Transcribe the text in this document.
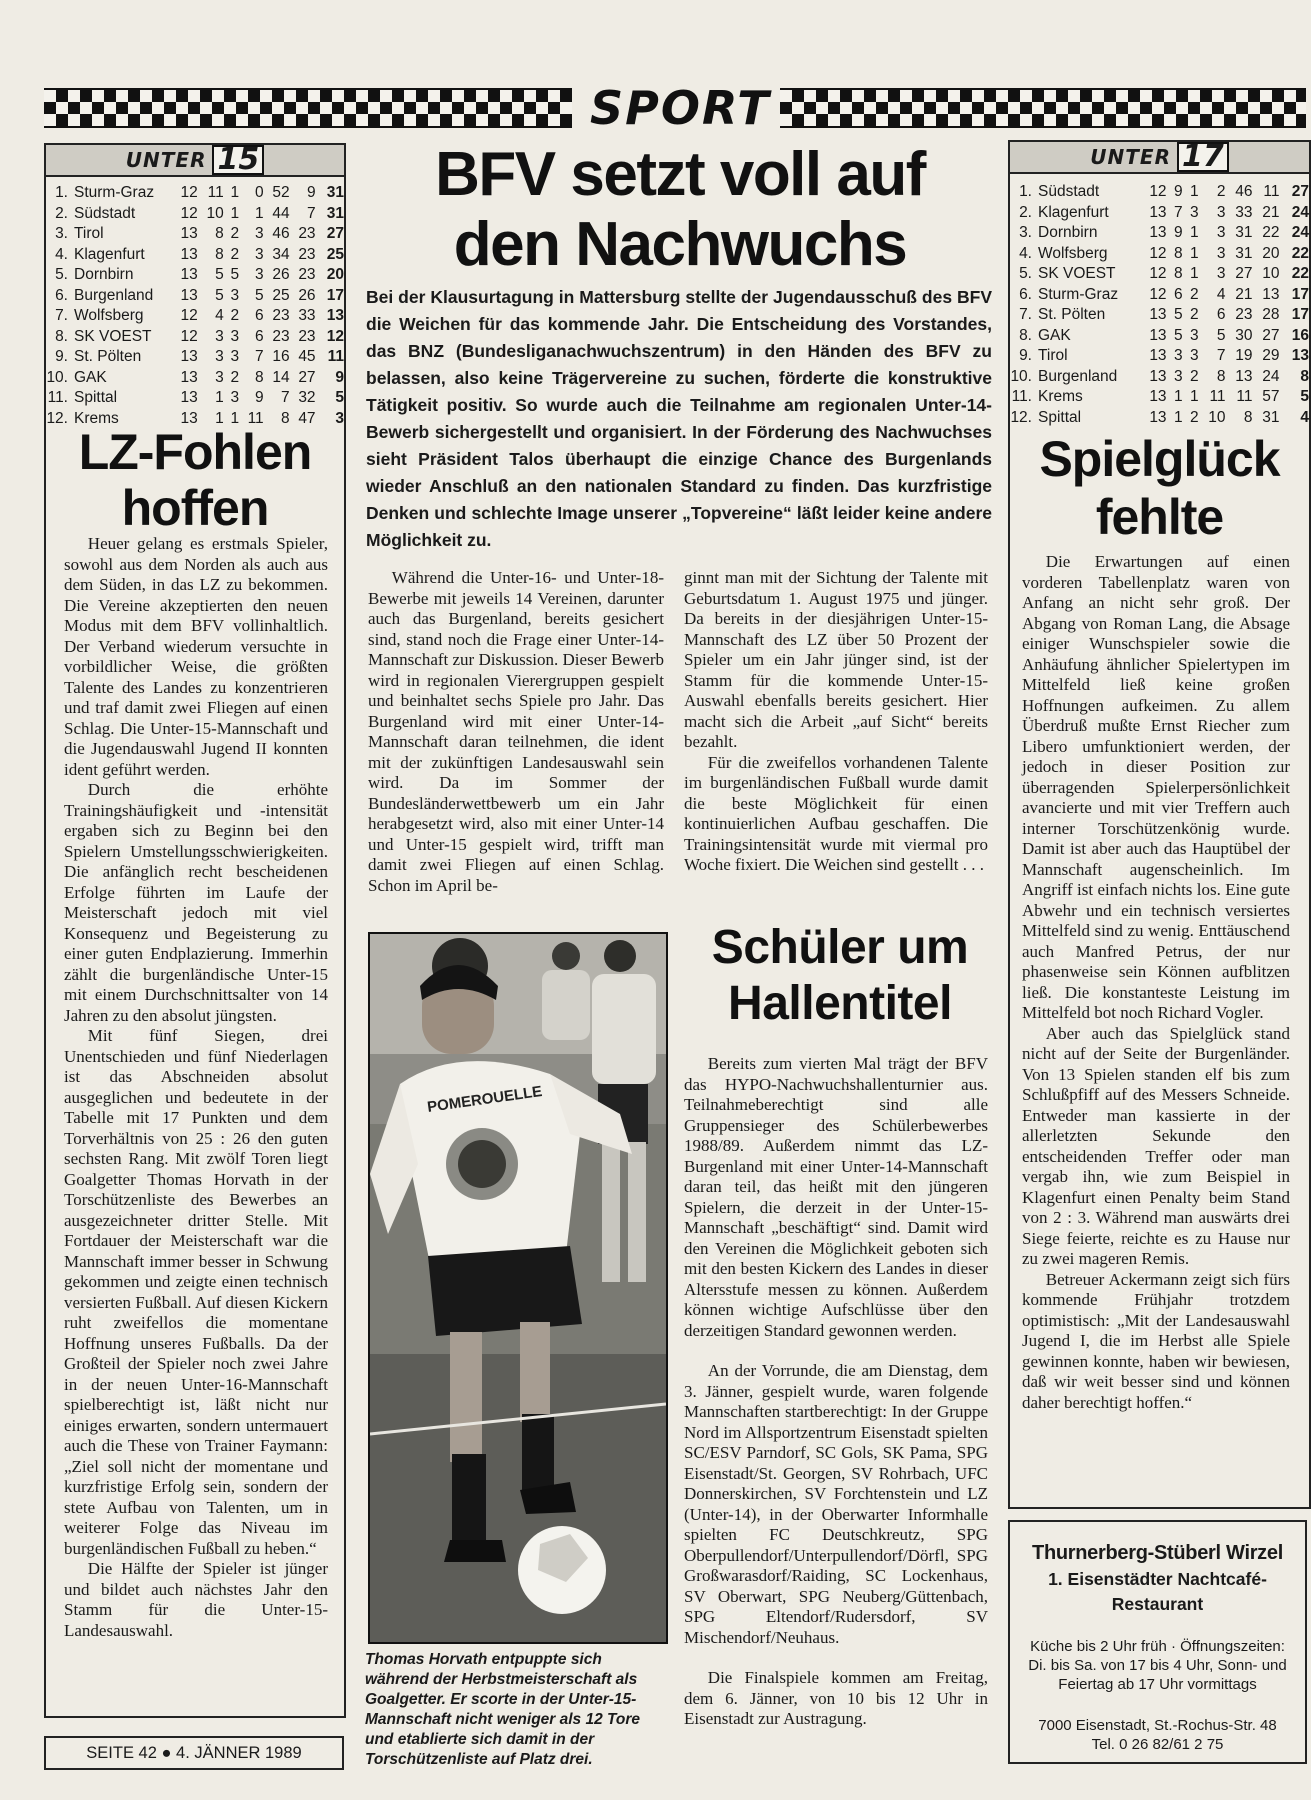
SPORT
UNTER 15
1.	Sturm-Graz	12	11	1	0	52	9	31
2.	Südstadt	12	10	1	1	44	7	31
3.	Tirol	13	8	2	3	46	23	27
4.	Klagenfurt	13	8	2	3	34	23	25
5.	Dornbirn	13	5	5	3	26	23	20
6.	Burgenland	13	5	3	5	25	26	17
7.	Wolfsberg	12	4	2	6	23	33	13
8.	SK VOEST	12	3	3	6	23	23	12
9.	St. Pölten	13	3	3	7	16	45	11
10.	GAK	13	3	2	8	14	27	9
11.	Spittal	13	1	3	9	7	32	5
12.	Krems	13	1	1	11	8	47	3
LZ-Fohlen
hoffen

Heuer gelang es erstmals Spieler, sowohl aus dem Norden als auch aus dem Süden, in das LZ zu bekommen. Die Vereine akzeptierten den neuen Modus mit dem BFV vollinhaltlich. Der Verband wiederum versuchte in vorbildlicher Weise, die größten Talente des Landes zu konzentrieren und traf damit zwei Fliegen auf einen Schlag. Die Unter-15-Mannschaft und die Jugendauswahl Jugend II konnten ident geführt werden.

Durch die erhöhte Trainingshäufigkeit und -intensität ergaben sich zu Beginn bei den Spielern Umstellungsschwierigkeiten. Die anfänglich recht bescheidenen Erfolge führten im Laufe der Meisterschaft jedoch mit viel Konsequenz und Begeisterung zu einer guten Endplazierung. Immerhin zählt die burgenländische Unter-15 mit einem Durchschnittsalter von 14 Jahren zu den absolut jüngsten.

Mit fünf Siegen, drei Unentschieden und fünf Niederlagen ist das Abschneiden absolut ausgeglichen und bedeutete in der Tabelle mit 17 Punkten und dem Torverhältnis von 25 : 26 den guten sechsten Rang. Mit zwölf Toren liegt Goalgetter Thomas Horvath in der Torschützenliste des Bewerbes an ausgezeichneter dritter Stelle. Mit Fortdauer der Meisterschaft war die Mannschaft immer besser in Schwung gekommen und zeigte einen technisch versierten Fußball. Auf diesen Kickern ruht zweifellos die momentane Hoffnung unseres Fußballs. Da der Großteil der Spieler noch zwei Jahre in der neuen Unter-16-Mannschaft spielberechtigt ist, läßt nicht nur einiges erwarten, sondern untermauert auch die These von Trainer Faymann: „Ziel soll nicht der momentane und kurzfristige Erfolg sein, sondern der stete Aufbau von Talenten, um in weiterer Folge das Niveau im burgenländischen Fußball zu heben.“

Die Hälfte der Spieler ist jünger und bildet auch nächstes Jahr den Stamm für die Unter-15-Landesauswahl.

SEITE 42 ● 4. JÄNNER 1989
BFV setzt voll auf
den Nachwuchs
Bei der Klausurtagung in Mattersburg stellte der Jugendausschuß des BFV die Weichen für das kommende Jahr. Die Entscheidung des Vorstandes, das BNZ (Bundesliganachwuchszentrum) in den Händen des BFV zu belassen, also keine Trägervereine zu suchen, förderte die konstruktive Tätigkeit positiv. So wurde auch die Teilnahme am regionalen Unter-14-Bewerb sichergestellt und organisiert. In der Förderung des Nachwuchses sieht Präsident Talos überhaupt die einzige Chance des Burgenlands wieder Anschluß an den nationalen Standard zu finden. Das kurzfristige Denken und schlechte Image unserer „Topvereine“ läßt leider keine andere Möglichkeit zu.

Während die Unter-16- und Unter-18-Bewerbe mit jeweils 14 Vereinen, darunter auch das Burgenland, bereits gesichert sind, stand noch die Frage einer Unter-14-Mannschaft zur Diskussion. Dieser Bewerb wird in regionalen Vierergruppen gespielt und beinhaltet sechs Spiele pro Jahr. Das Burgenland wird mit einer Unter-14-Mannschaft daran teilnehmen, die ident mit der zukünftigen Landesauswahl sein wird. Da im Sommer der Bundesländerwettbewerb um ein Jahr herabgesetzt wird, also mit einer Unter-14 und Unter-15 gespielt wird, trifft man damit zwei Fliegen auf einen Schlag. Schon im April be-

ginnt man mit der Sichtung der Talente mit Geburtsdatum 1. August 1975 und jünger. Da bereits in der diesjährigen Unter-15-Mannschaft des LZ über 50 Prozent der Spieler um ein Jahr jünger sind, ist der Stamm für die kommende Unter-15-Auswahl ebenfalls bereits gesichert. Hier macht sich die Arbeit „auf Sicht“ bereits bezahlt.

Für die zweifellos vorhandenen Talente im burgenländischen Fußball wurde damit die beste Möglichkeit für einen kontinuierlichen Aufbau geschaffen. Die Trainingsintensität wurde mit viermal pro Woche fixiert. Die Weichen sind gestellt . . .

POMEROUELLE
Thomas Horvath entpuppte sich während der Herbstmeisterschaft als Goalgetter. Er scorte in der Unter-15-Mannschaft nicht weniger als 12 Tore und etablierte sich damit in der Torschützenliste auf Platz drei.
Schüler um
Hallentitel

Bereits zum vierten Mal trägt der BFV das HYPO-Nachwuchshallenturnier aus. Teilnahmeberechtigt sind alle Gruppensieger des Schülerbewerbes 1988/89. Außerdem nimmt das LZ-Burgenland mit einer Unter-14-Mannschaft daran teil, das heißt mit den jüngeren Spielern, die derzeit in der Unter-15-Mannschaft „beschäftigt“ sind. Damit wird den Vereinen die Möglichkeit geboten sich mit den besten Kickern des Landes in dieser Altersstufe messen zu können. Außerdem können wichtige Aufschlüsse über den derzeitigen Standard gewonnen werden.

An der Vorrunde, die am Dienstag, dem 3. Jänner, gespielt wurde, waren folgende Mannschaften startberechtigt: In der Gruppe Nord im Allsportzentrum Eisenstadt spielten SC/ESV Parndorf, SC Gols, SK Pama, SPG Eisenstadt/St. Georgen, SV Rohrbach, UFC Donnerskirchen, SV Forchtenstein und LZ (Unter-14), in der Oberwarter Informhalle spielten FC Deutschkreutz, SPG Oberpullendorf/Unterpullendorf/Dörfl, SPG Großwarasdorf/Raiding, SC Lockenhaus, SV Oberwart, SPG Neuberg/Güttenbach, SPG Eltendorf/Rudersdorf, SV Mischendorf/Neuhaus.

Die Finalspiele kommen am Freitag, dem 6. Jänner, von 10 bis 12 Uhr in Eisenstadt zur Austragung.

UNTER 17
1.	Südstadt	12	9	1	2	46	11	27
2.	Klagenfurt	13	7	3	3	33	21	24
3.	Dornbirn	13	9	1	3	31	22	24
4.	Wolfsberg	12	8	1	3	31	20	22
5.	SK VOEST	12	8	1	3	27	10	22
6.	Sturm-Graz	12	6	2	4	21	13	17
7.	St. Pölten	13	5	2	6	23	28	17
8.	GAK	13	5	3	5	30	27	16
9.	Tirol	13	3	3	7	19	29	13
10.	Burgenland	13	3	2	8	13	24	8
11.	Krems	13	1	1	11	11	57	5
12.	Spittal	13	1	2	10	8	31	4
Spielglück
fehlte

Die Erwartungen auf einen vorderen Tabellenplatz waren von Anfang an nicht sehr groß. Der Abgang von Roman Lang, die Absage einiger Wunschspieler sowie die Anhäufung ähnlicher Spielertypen im Mittelfeld ließ keine großen Hoffnungen aufkeimen. Zu allem Überdruß mußte Ernst Riecher zum Libero umfunktioniert werden, der jedoch in dieser Position zur überragenden Spielerpersönlichkeit avancierte und mit vier Treffern auch interner Torschützenkönig wurde. Damit ist aber auch das Hauptübel der Mannschaft augenscheinlich. Im Angriff ist einfach nichts los. Eine gute Abwehr und ein technisch versiertes Mittelfeld sind zu wenig. Enttäuschend auch Manfred Petrus, der nur phasenweise sein Können aufblitzen ließ. Die konstanteste Leistung im Mittelfeld bot noch Richard Vogler.

Aber auch das Spielglück stand nicht auf der Seite der Burgenländer. Von 13 Spielen standen elf bis zum Schlußpfiff auf des Messers Schneide. Entweder man kassierte in der allerletzten Sekunde den entscheidenden Treffer oder man vergab ihn, wie zum Beispiel in Klagenfurt einen Penalty beim Stand von 2 : 3. Während man auswärts drei Siege feierte, reichte es zu Hause nur zu zwei mageren Remis.

Betreuer Ackermann zeigt sich fürs kommende Frühjahr trotzdem optimistisch: „Mit der Landesauswahl Jugend I, die im Herbst alle Spiele gewinnen konnte, haben wir bewiesen, daß wir weit besser sind und können daher berechtigt hoffen.“

Thurnerberg-Stüberl Wirzel
1. Eisenstädter Nachtcafé-
Restaurant
Küche bis 2 Uhr früh · Öffnungszeiten: Di. bis Sa. von 17 bis 4 Uhr, Sonn- und Feiertag ab 17 Uhr vormittags
7000 Eisenstadt, St.-Rochus-Str. 48
Tel. 0 26 82/61 2 75
